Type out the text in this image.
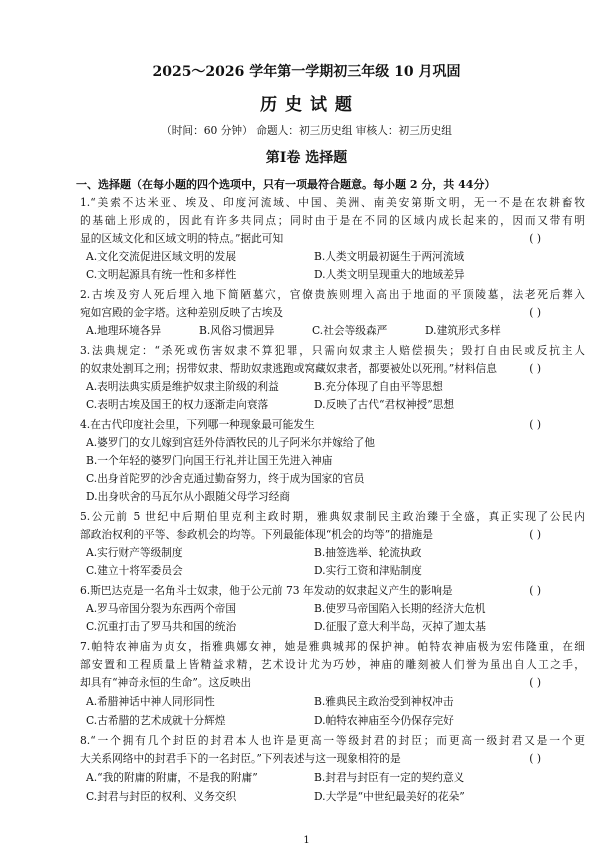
2025～2026 学年第一学期初三年级 10 月巩固
历 史 试 题
（时间：60 分钟） 命题人：初三历史组 审核人：初三历史组
第Ⅰ卷 选择题
一、选择题（在每小题的四个选项中，只有一项最符合题意。每小题 2 分，共 44分）
1.“美索不达米亚、埃及、印度河流域、中国、美洲、南美安第斯文明，无一不是在农耕畜牧
的基础上形成的，因此有许多共同点；同时由于是在不同的区域内成长起来的，因而又带有明
显的区域文化和区域文明的特点。”据此可知	( )
A.文化交流促进区域文明的发展	B.人类文明最初诞生于两河流域
C.文明起源具有统一性和多样性	D.人类文明呈现重大的地域差异
2.古埃及穷人死后埋入地下简陋墓穴，官僚贵族则埋入高出于地面的平顶陵墓，法老死后葬入
宛如宫殿的金字塔。这种差别反映了古埃及	( )
A.地理环境各异	B.风俗习惯迥异	C.社会等级森严	D.建筑形式多样
3.法典规定：“杀死或伤害奴隶不算犯罪，只需向奴隶主人赔偿损失；毁打自由民或反抗主人
的奴隶处割耳之刑；拐带奴隶、帮助奴隶逃跑或窝藏奴隶者，都要被处以死刑。”材料信息	( )
A.表明法典实质是维护奴隶主阶级的利益	B.充分体现了自由平等思想
C.表明古埃及国王的权力逐渐走向衰落	D.反映了古代“君权神授”思想
4.在古代印度社会里，下列哪一种现象最可能发生	( )
A.婆罗门的女儿嫁到宫廷外侍酒牧民的儿子阿米尔并嫁给了他
B.一个年轻的婆罗门向国王行礼并让国王先进入神庙
C.出身首陀罗的沙舍克通过勤奋努力，终于成为国家的官员
D.出身吠舍的马瓦尔从小跟随父母学习经商
5.公元前 5 世纪中后期伯里克利主政时期，雅典奴隶制民主政治臻于全盛，真正实现了公民内
部政治权利的平等、参政机会的均等。下列最能体现“机会的均等”的措施是	( )
A.实行财产等级制度	B.抽签选举、轮流执政
C.建立十将军委员会	D.实行工资和津贴制度
6.斯巴达克是一名角斗士奴隶，他于公元前 73 年发动的奴隶起义产生的影响是	( )
A.罗马帝国分裂为东西两个帝国	B.使罗马帝国陷入长期的经济大危机
C.沉重打击了罗马共和国的统治	D.征服了意大利半岛，灭掉了迦太基
7.帕特农神庙为贞女，指雅典娜女神，她是雅典城邦的保护神。帕特农神庙极为宏伟隆重，在细
部安置和工程质量上皆精益求精，艺术设计尤为巧妙，神庙的雕刻被人们誉为虽出自人工之手，
却具有“神奇永恒的生命”。这反映出	( )
A.希腊神话中神人同形同性	B.雅典民主政治受到神权冲击
C.古希腊的艺术成就十分辉煌	D.帕特农神庙至今仍保存完好
8.“一个拥有几个封臣的封君本人也许是更高一等级封君的封臣；而更高一级封君又是一个更
大关系网络中的封君手下的一名封臣。”下列表述与这一现象相符的是	( )
A.“我的附庸的附庸，不是我的附庸”	B.封君与封臣有一定的契约意义
C.封君与封臣的权利、义务交织	D.大学是“中世纪最美好的花朵”
1
